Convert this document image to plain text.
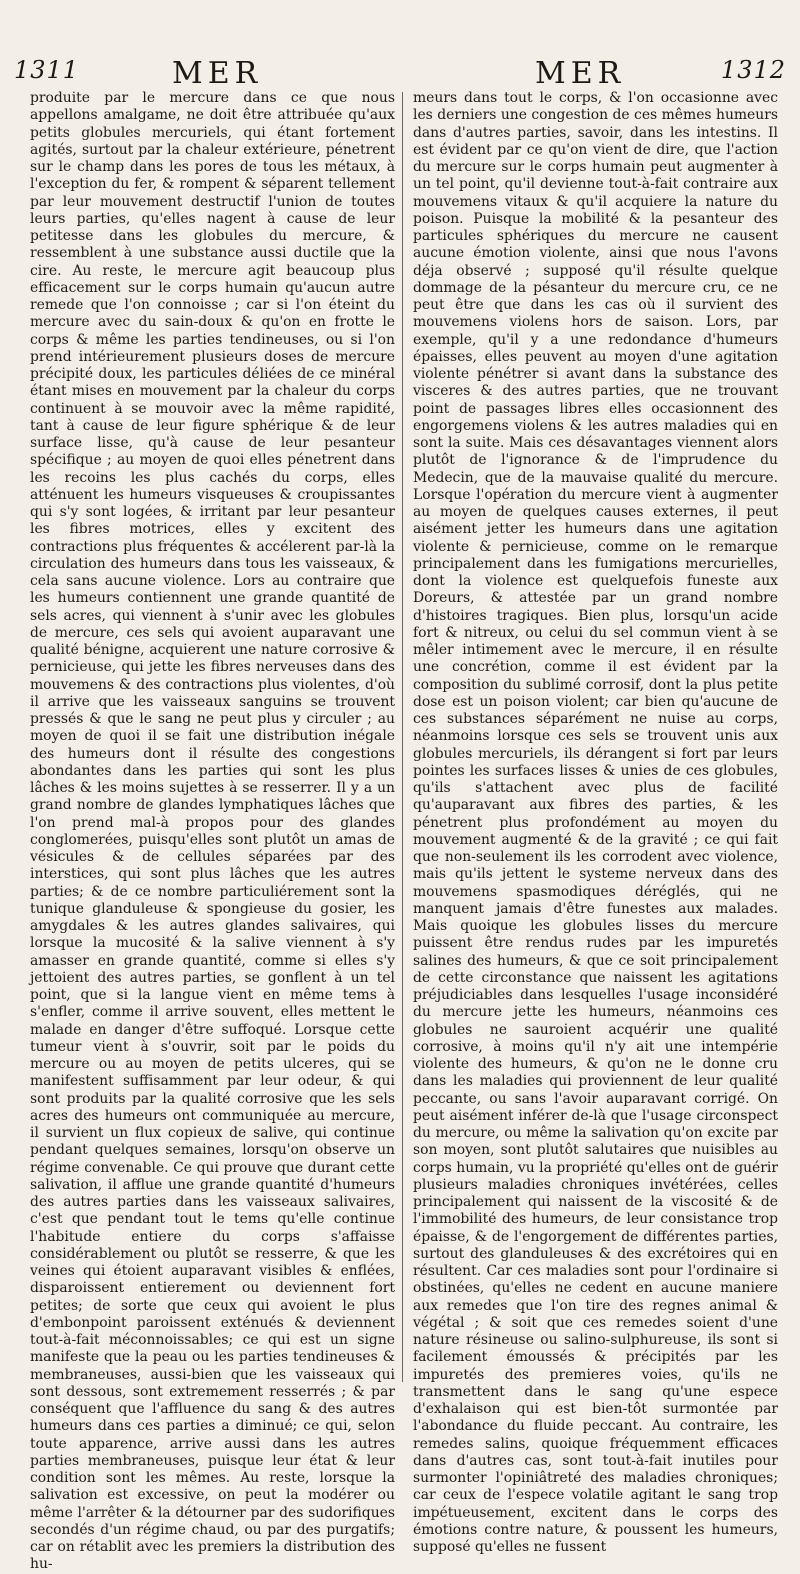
1311	MER	MER	1312

produite par le mercure dans ce que nous appellons amalgame, ne doit être attribuée qu'aux petits globules mercuriels, qui étant fortement agités, surtout par la chaleur extérieure, pénetrent sur le champ dans les pores de tous les métaux, à l'exception du fer, & rompent & séparent tellement par leur mouvement destructif l'union de toutes leurs parties, qu'elles nagent à cause de leur petitesse dans les globules du mercure, & ressemblent à une substance aussi ductile que la cire. Au reste, le mercure agit beaucoup plus efficacement sur le corps humain qu'aucun autre remede que l'on connoisse ; car si l'on éteint du mercure avec du sain-doux & qu'on en frotte le corps & même les parties tendineuses, ou si l'on prend intérieurement plusieurs doses de mercure précipité doux, les particules déliées de ce minéral étant mises en mouvement par la chaleur du corps continuent à se mouvoir avec la même rapidité, tant à cause de leur figure sphérique & de leur surface lisse, qu'à cause de leur pesanteur spécifique ; au moyen de quoi elles pénetrent dans les recoins les plus cachés du corps, elles atténuent les humeurs visqueuses & croupissantes qui s'y sont logées, & irritant par leur pesanteur les fibres motrices, elles y excitent des contractions plus fréquentes & accélerent par-là la circulation des humeurs dans tous les vaisseaux, & cela sans aucune violence. Lors au contraire que les humeurs contiennent une grande quantité de sels acres, qui viennent à s'unir avec les globules de mercure, ces sels qui avoient auparavant une qualité bénigne, acquierent une nature corrosive & pernicieuse, qui jette les fibres nerveuses dans des mouvemens & des contractions plus violentes, d'où il arrive que les vaisseaux sanguins se trouvent pressés & que le sang ne peut plus y circuler ; au moyen de quoi il se fait une distribution inégale des humeurs dont il résulte des congestions abondantes dans les parties qui sont les plus lâches & les moins sujettes à se resserrer. Il y a un grand nombre de glandes lymphatiques lâches que l'on prend mal-à propos pour des glandes conglomerées, puisqu'elles sont plutôt un amas de vésicules & de cellules séparées par des interstices, qui sont plus lâches que les autres parties; & de ce nombre particuliérement sont la tunique glanduleuse & spongieuse du gosier, les amygdales & les autres glandes salivaires, qui lorsque la mucosité & la salive viennent à s'y amasser en grande quantité, comme si elles s'y jettoient des autres parties, se gonflent à un tel point, que si la langue vient en même tems à s'enfler, comme il arrive souvent, elles mettent le malade en danger d'être suffoqué. Lorsque cette tumeur vient à s'ouvrir, soit par le poids du mercure ou au moyen de petits ulceres, qui se manifestent suffisamment par leur odeur, & qui sont produits par la qualité corrosive que les sels acres des humeurs ont communiquée au mercure, il survient un flux copieux de salive, qui continue pendant quelques semaines, lorsqu'on observe un régime convenable. Ce qui prouve que durant cette salivation, il afflue une grande quantité d'humeurs des autres parties dans les vaisseaux salivaires, c'est que pendant tout le tems qu'elle continue l'habitude entiere du corps s'affaisse considérablement ou plutôt se resserre, & que les veines qui étoient auparavant visibles & enflées, disparoissent entierement ou deviennent fort petites; de sorte que ceux qui avoient le plus d'embonpoint paroissent exténués & deviennent tout-à-fait méconnoissables; ce qui est un signe manifeste que la peau ou les parties tendineuses & membraneuses, aussi-bien que les vaisseaux qui sont dessous, sont extremement resserrés ; & par conséquent que l'affluence du sang & des autres humeurs dans ces parties a diminué; ce qui, selon toute apparence, arrive aussi dans les autres parties membraneuses, puisque leur état & leur condition sont les mêmes. Au reste, lorsque la salivation est excessive, on peut la modérer ou même l'arrêter & la détourner par des sudorifiques secondés d'un régime chaud, ou par des purgatifs; car on rétablit avec les premiers la distribution des hu-

meurs dans tout le corps, & l'on occasionne avec les derniers une congestion de ces mêmes humeurs dans d'autres parties, savoir, dans les intestins. Il est évident par ce qu'on vient de dire, que l'action du mercure sur le corps humain peut augmenter à un tel point, qu'il devienne tout-à-fait contraire aux mouvemens vitaux & qu'il acquiere la nature du poison. Puisque la mobilité & la pesanteur des particules sphériques du mercure ne causent aucune émotion violente, ainsi que nous l'avons déja observé ; supposé qu'il résulte quelque dommage de la pésanteur du mercure cru, ce ne peut être que dans les cas où il survient des mouvemens violens hors de saison. Lors, par exemple, qu'il y a une redondance d'humeurs épaisses, elles peuvent au moyen d'une agitation violente pénétrer si avant dans la substance des visceres & des autres parties, que ne trouvant point de passages libres elles occasionnent des engorgemens violens & les autres maladies qui en sont la suite. Mais ces désavantages viennent alors plutôt de l'ignorance & de l'imprudence du Medecin, que de la mauvaise qualité du mercure. Lorsque l'opération du mercure vient à augmenter au moyen de quelques causes externes, il peut aisément jetter les humeurs dans une agitation violente & pernicieuse, comme on le remarque principalement dans les fumigations mercurielles, dont la violence est quelquefois funeste aux Doreurs, & attestée par un grand nombre d'histoires tragiques. Bien plus, lorsqu'un acide fort & nitreux, ou celui du sel commun vient à se mêler intimement avec le mercure, il en résulte une concrétion, comme il est évident par la composition du sublimé corrosif, dont la plus petite dose est un poison violent; car bien qu'aucune de ces substances séparément ne nuise au corps, néanmoins lorsque ces sels se trouvent unis aux globules mercuriels, ils dérangent si fort par leurs pointes les surfaces lisses & unies de ces globules, qu'ils s'attachent avec plus de facilité qu'auparavant aux fibres des parties, & les pénetrent plus profondément au moyen du mouvement augmenté & de la gravité ; ce qui fait que non-seulement ils les corrodent avec violence, mais qu'ils jettent le systeme nerveux dans des mouvemens spasmodiques déréglés, qui ne manquent jamais d'être funestes aux malades. Mais quoique les globules lisses du mercure puissent être rendus rudes par les impuretés salines des humeurs, & que ce soit principalement de cette circonstance que naissent les agitations préjudiciables dans lesquelles l'usage inconsidéré du mercure jette les humeurs, néanmoins ces globules ne sauroient acquérir une qualité corrosive, à moins qu'il n'y ait une intempérie violente des humeurs, & qu'on ne le donne cru dans les maladies qui proviennent de leur qualité peccante, ou sans l'avoir auparavant corrigé. On peut aisément inférer de-là que l'usage circonspect du mercure, ou même la salivation qu'on excite par son moyen, sont plutôt salutaires que nuisibles au corps humain, vu la propriété qu'elles ont de guérir plusieurs maladies chroniques invétérées, celles principalement qui naissent de la viscosité & de l'immobilité des humeurs, de leur consistance trop épaisse, & de l'engorgement de différentes parties, surtout des glanduleuses & des excrétoires qui en résultent. Car ces maladies sont pour l'ordinaire si obstinées, qu'elles ne cedent en aucune maniere aux remedes que l'on tire des regnes animal & végétal ; & soit que ces remedes soient d'une nature résineuse ou salino-sulphureuse, ils sont si facilement émoussés & précipités par les impuretés des premieres voies, qu'ils ne transmettent dans le sang qu'une espece d'exhalaison qui est bien-tôt surmontée par l'abondance du fluide peccant. Au contraire, les remedes salins, quoique fréquemment efficaces dans d'autres cas, sont tout-à-fait inutiles pour surmonter l'opiniâtreté des maladies chroniques; car ceux de l'espece volatile agitant le sang trop impétueusement, excitent dans le corps des émotions contre nature, & poussent les humeurs, supposé qu'elles ne fussent
